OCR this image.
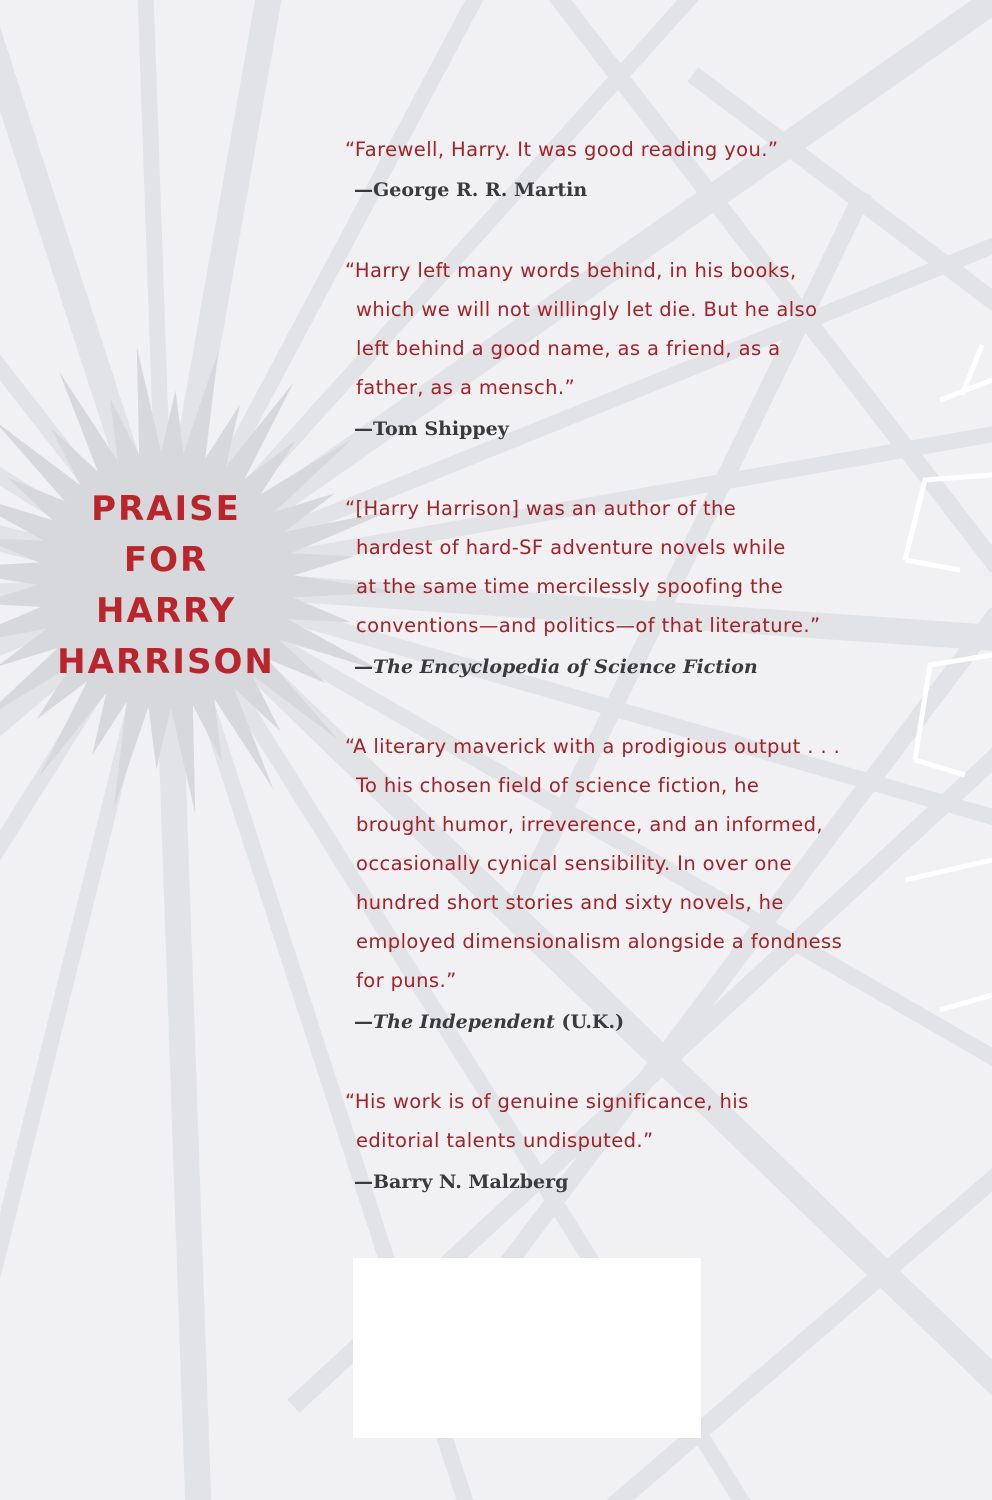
PRAISE
FOR
HARRY
HARRISON
“Farewell, Harry. It was good reading you.”
—George R. R. Martin
“Harry left many words behind, in his books,
which we will not willingly let die. But he also
left behind a good name, as a friend, as a
father, as a mensch.”
—Tom Shippey
“[Harry Harrison] was an author of the
hardest of hard-SF adventure novels while
at the same time mercilessly spoofing the
conventions—and politics—of that literature.”
—The Encyclopedia of Science Fiction
“A literary maverick with a prodigious output . . .
To his chosen field of science fiction, he
brought humor, irreverence, and an informed,
occasionally cynical sensibility. In over one
hundred short stories and sixty novels, he
employed dimensionalism alongside a fondness
for puns.”
—The Independent (U.K.)
“His work is of genuine significance, his
editorial talents undisputed.”
—Barry N. Malzberg
